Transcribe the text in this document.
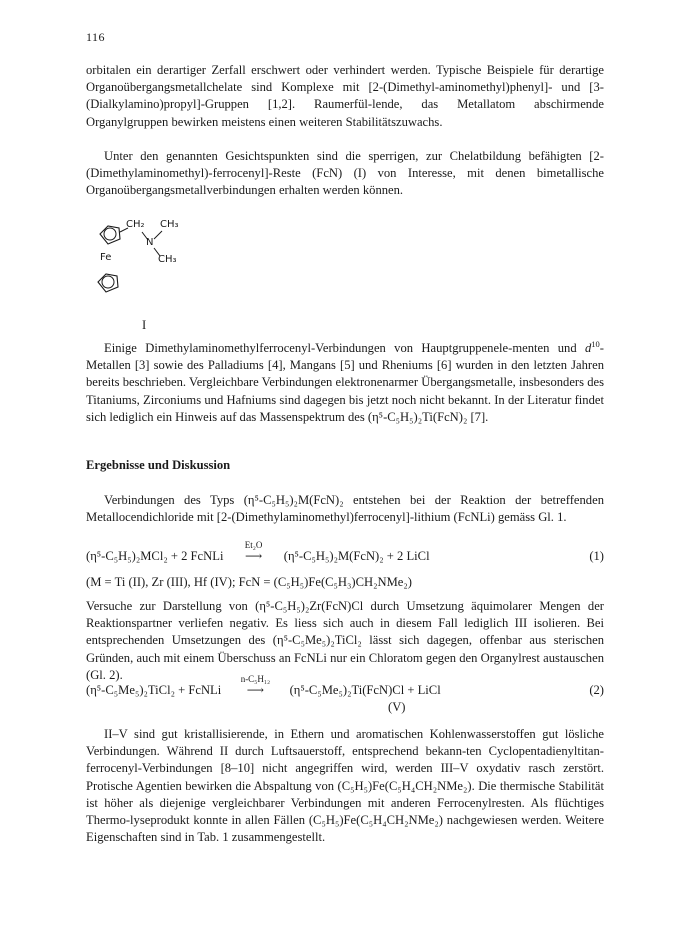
116

orbitalen ein derartiger Zerfall erschwert oder verhindert werden. Typische Beispiele für derartige Organoübergangsmetallchelate sind Komplexe mit [2-(Dimethyl-aminomethyl)phenyl]- und [3-(Dialkylamino)propyl]-Gruppen [1,2]. Raumerfül-lende, das Metallatom abschirmende Organylgruppen bewirken meistens einen weiteren Stabilitätszuwachs.

Unter den genannten Gesichtspunkten sind die sperrigen, zur Chelatbildung befähigten [2-(Dimethylaminomethyl)-ferrocenyl]-Reste (FcN) (I) von Interesse, mit denen bimetallische Organoübergangsmetallverbindungen erhalten werden können.

CH₂ CH₃
N
CH₃
Fe
I

Einige Dimethylaminomethylferrocenyl-Verbindungen von Hauptgruppenele-menten und $d^{10}$-Metallen [3] sowie des Palladiums [4], Mangans [5] und Rheniums [6] wurden in den letzten Jahren bereits beschrieben. Vergleichbare Verbindungen elektronenarmer Übergangsmetalle, insbesonders des Titaniums, Zirconiums und Hafniums sind dagegen bis jetzt noch nicht bekannt. In der Literatur findet sich lediglich ein Hinweis auf das Massenspektrum des (η⁵-C₅H₅)₂Ti(FcN)₂ [7].

Ergebnisse und Diskussion

Verbindungen des Typs (η⁵-C₅H₅)₂M(FcN)₂ entstehen bei der Reaktion der betreffenden Metallocendichloride mit [2-(Dimethylaminomethyl)ferrocenyl]-lithium (FcNLi) gemäss Gl. 1.

(η⁵-C₅H₅)₂MCl₂ + 2 FcNLi
Et₂O
⟶ (η⁵-C₅H₅)₂M(FcN)₂ + 2 LiCl	(1)
(M = Ti (II), Zr (III), Hf (IV); FcN = (C₅H₅)Fe(C₅H₃)CH₂NMe₂)

Versuche zur Darstellung von (η⁵-C₅H₅)₂Zr(FcN)Cl durch Umsetzung äquimolarer Mengen der Reaktionspartner verliefen negativ. Es liess sich auch in diesem Fall lediglich III isolieren. Bei entsprechenden Umsetzungen des (η⁵-C₅Me₅)₂TiCl₂ lässt sich dagegen, offenbar aus sterischen Gründen, auch mit einem Überschuss an FcNLi nur ein Chloratom gegen den Organylrest austauschen (Gl. 2).

(η⁵-C₅Me₅)₂TiCl₂ + FcNLi
n-C₅H₁₂
⟶ (η⁵-C₅Me₅)₂Ti(FcN)Cl + LiCl	(2)
(V)

II–V sind gut kristallisierende, in Ethern und aromatischen Kohlenwasserstoffen gut lösliche Verbindungen. Während II durch Luftsauerstoff, entsprechend bekann-ten Cyclopentadienyltitan-ferrocenyl-Verbindungen [8–10] nicht angegriffen wird, werden III–V oxydativ rasch zerstört. Protische Agentien bewirken die Abspaltung von (C₅H₅)Fe(C₅H₄CH₂NMe₂). Die thermische Stabilität ist höher als diejenige vergleichbarer Verbindungen mit anderen Ferrocenylresten. Als flüchtiges Thermo-lyseprodukt konnte in allen Fällen (C₅H₅)Fe(C₅H₄CH₂NMe₂) nachgewiesen werden. Weitere Eigenschaften sind in Tab. 1 zusammengestellt.
